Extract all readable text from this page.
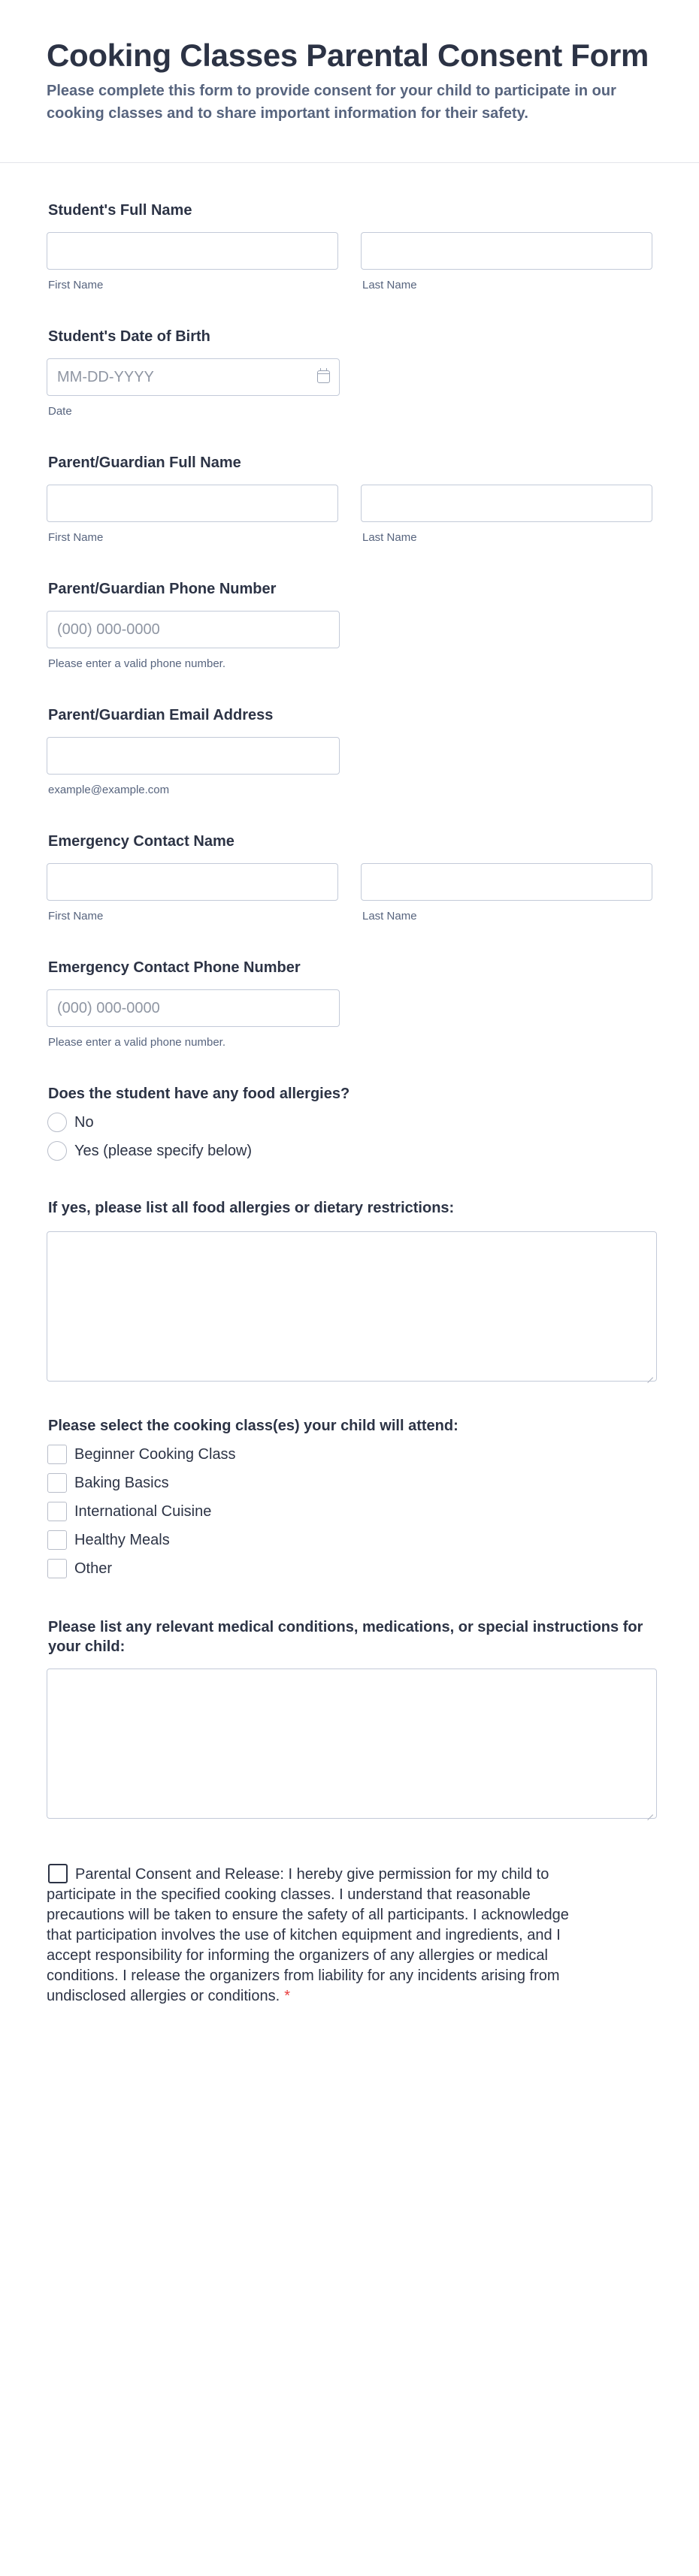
Cooking Classes Parental Consent Form

Please complete this form to provide consent for your child to participate in our cooking classes and to share important information for their safety.

Student's Full Name
First Name	Last Name
Student's Date of Birth
MM-DD-YYYY
Date
Parent/Guardian Full Name
First Name	Last Name
Parent/Guardian Phone Number
(000) 000-0000
Please enter a valid phone number.
Parent/Guardian Email Address
example@example.com
Emergency Contact Name
First Name	Last Name
Emergency Contact Phone Number
(000) 000-0000
Please enter a valid phone number.
Does the student have any food allergies?
No
Yes (please specify below)
If yes, please list all food allergies or dietary restrictions:
Please select the cooking class(es) your child will attend:
Beginner Cooking Class
Baking Basics
International Cuisine
Healthy Meals
Other
Please list any relevant medical conditions, medications, or special instructions for your child:
Parental Consent and Release: I hereby give permission for my child to participate in the specified cooking classes. I understand that reasonable precautions will be taken to ensure the safety of all participants. I acknowledge that participation involves the use of kitchen equipment and ingredients, and I accept responsibility for informing the organizers of any allergies or medical conditions. I release the organizers from liability for any incidents arising from undisclosed allergies or conditions. *
